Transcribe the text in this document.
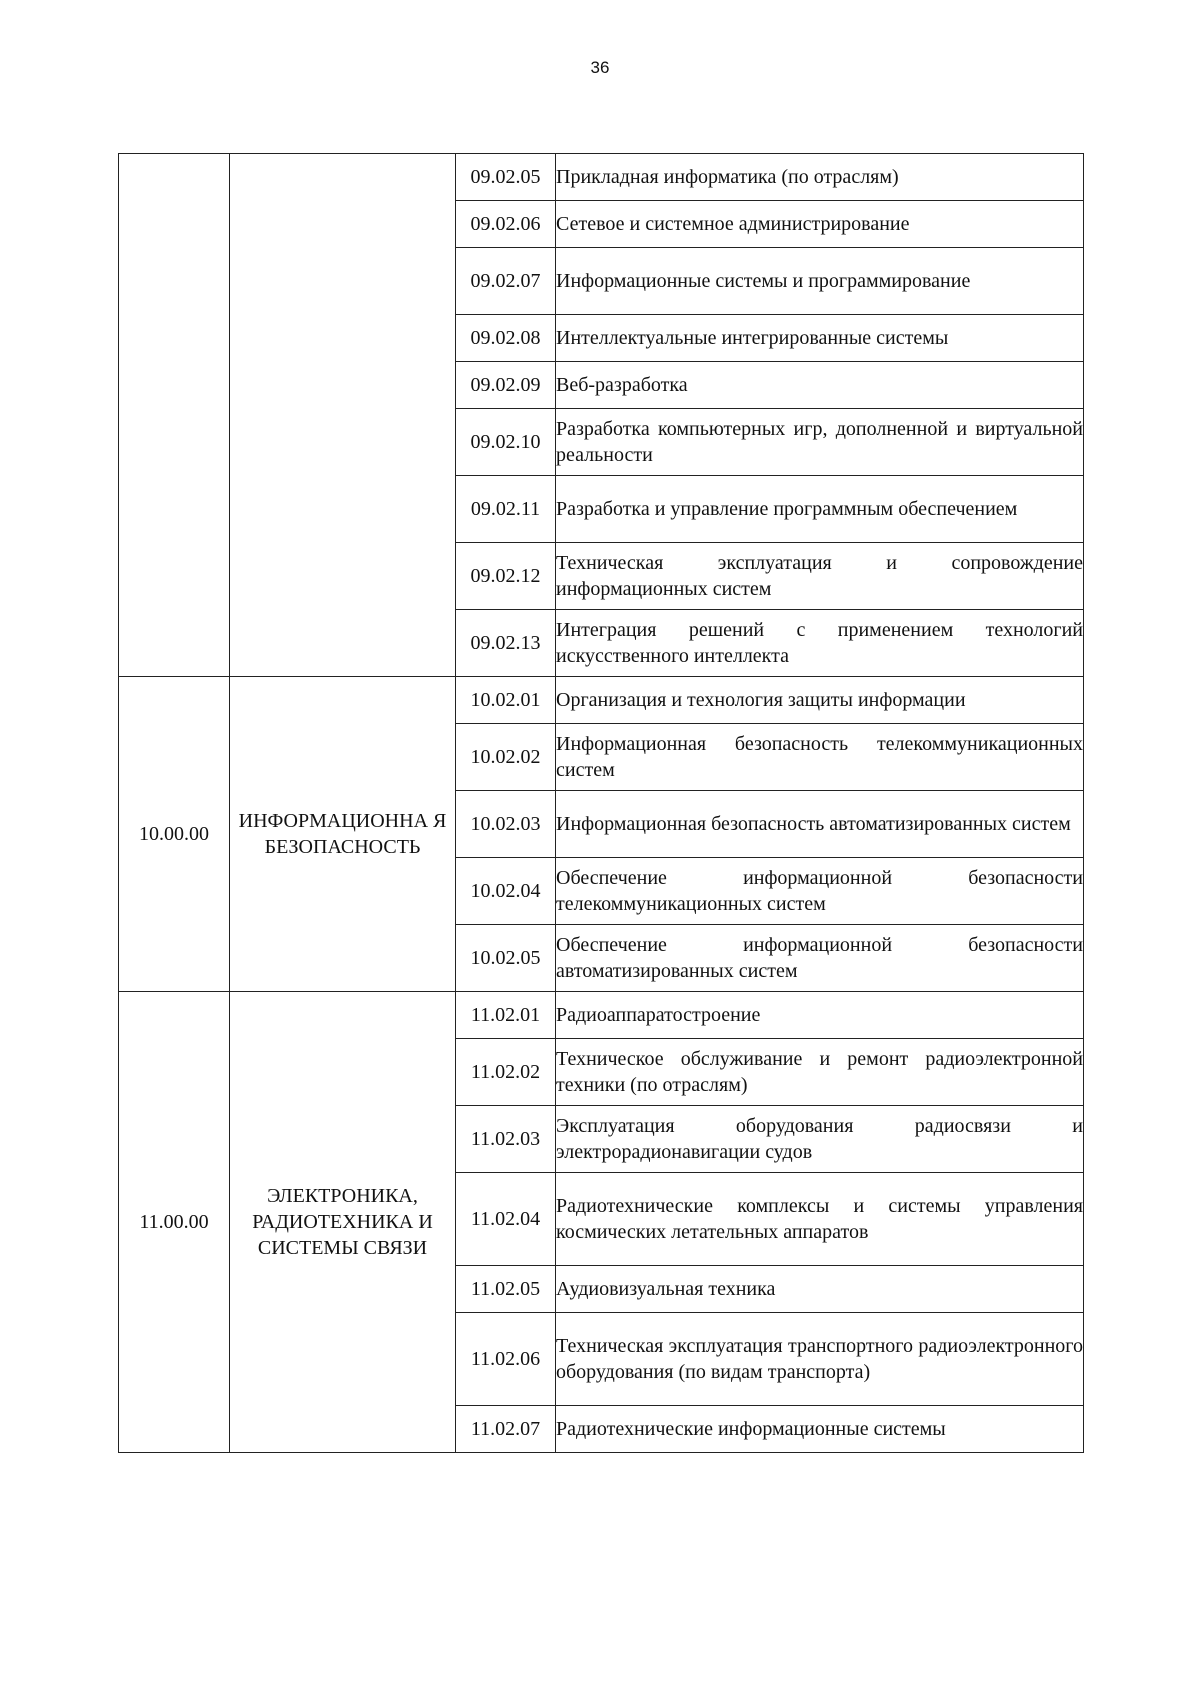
36
		09.02.05	Прикладная информатика (по отраслям)
		09.02.06	Сетевое и системное администрирование
		09.02.07	Информационные системы и программирование
		09.02.08	Интеллектуальные интегрированные системы
		09.02.09	Веб-разработка
		09.02.10	Разработка компьютерных игр, дополненной и виртуальной реальности
		09.02.11	Разработка и управление программным обеспечением
		09.02.12	Техническая эксплуатация и сопровождение информационных систем
		09.02.13	Интеграция решений с применением технологий искусственного интеллекта
10.00.00	ИНФОРМАЦИОННА Я БЕЗОПАСНОСТЬ	10.02.01	Организация и технология защиты информации
		10.02.02	Информационная безопасность телекоммуникационных систем
		10.02.03	Информационная безопасность автоматизированных систем
		10.02.04	Обеспечение информационной безопасности телекоммуникационных систем
		10.02.05	Обеспечение информационной безопасности автоматизированных систем
11.00.00	ЭЛЕКТРОНИКА, РАДИОТЕХНИКА И СИСТЕМЫ СВЯЗИ	11.02.01	Радиоаппаратостроение
		11.02.02	Техническое обслуживание и ремонт радиоэлектронной техники (по отраслям)
		11.02.03	Эксплуатация оборудования радиосвязи и электрорадионавигации судов
		11.02.04	Радиотехнические комплексы и системы управления космических летательных аппаратов
		11.02.05	Аудиовизуальная техника
		11.02.06	Техническая эксплуатация транспортного радиоэлектронного оборудования (по видам транспорта)
		11.02.07	Радиотехнические информационные системы
